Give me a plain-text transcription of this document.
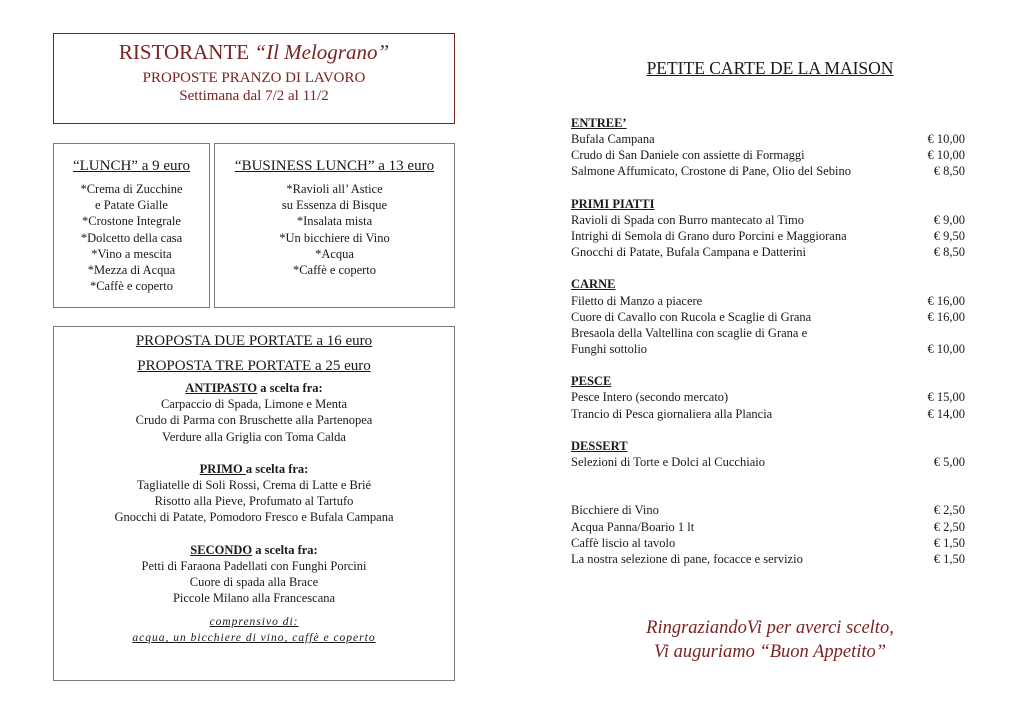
RISTORANTE “Il Melograno”
PROPOSTE PRANZO DI LAVORO
Settimana dal 7/2 al 11/2
“LUNCH” a 9 euro
*Crema di Zucchine
e Patate Gialle
*Crostone Integrale
*Dolcetto della casa
*Vino a mescita
*Mezza di Acqua
*Caffè e coperto
“BUSINESS LUNCH” a 13 euro
*Ravioli all’ Astice
su Essenza di Bisque
*Insalata mista
*Un bicchiere di Vino
*Acqua
*Caffè e coperto
PROPOSTA DUE PORTATE a 16 euro
PROPOSTA TRE PORTATE a 25 euro
ANTIPASTO a scelta fra:
Carpaccio di Spada, Limone e Menta
Crudo di Parma con Bruschette alla Partenopea
Verdure alla Griglia con Toma Calda
PRIMO a scelta fra:
Tagliatelle di Soli Rossi, Crema di Latte e Brié
Risotto alla Pieve, Profumato al Tartufo
Gnocchi di Patate, Pomodoro Fresco e Bufala Campana
SECONDO a scelta fra:
Petti di Faraona Padellati con Funghi Porcini
Cuore di spada alla Brace
Piccole Milano alla Francescana
comprensivo di:
acqua, un bicchiere di vino, caffè e coperto
PETITE CARTE DE LA MAISON
ENTREE’
Bufala Campana	€ 10,00
Crudo di San Daniele con assiette di Formaggi	€ 10,00
Salmone Affumicato, Crostone di Pane, Olio del Sebino	€ 8,50
PRIMI PIATTI
Ravioli di Spada con Burro mantecato al Timo	€ 9,00
Intrighi di Semola di Grano duro Porcini e Maggiorana	€ 9,50
Gnocchi di Patate, Bufala Campana e Datterini	€ 8,50
CARNE
Filetto di Manzo a piacere	€ 16,00
Cuore di Cavallo con Rucola e Scaglie di Grana	€ 16,00
Bresaola della Valtellina con scaglie di Grana e
Funghi sottolio	€ 10,00
PESCE
Pesce Intero (secondo mercato)	€ 15,00
Trancio di Pesca giornaliera alla Plancia	€ 14,00
DESSERT
Selezioni di Torte e Dolci al Cucchiaio	€ 5,00
Bicchiere di Vino	€ 2,50
Acqua Panna/Boario 1 lt	€ 2,50
Caffè liscio al tavolo	€ 1,50
La nostra selezione di pane, focacce e servizio	€ 1,50
RingraziandoVi per averci scelto,
Vi auguriamo “Buon Appetito”
